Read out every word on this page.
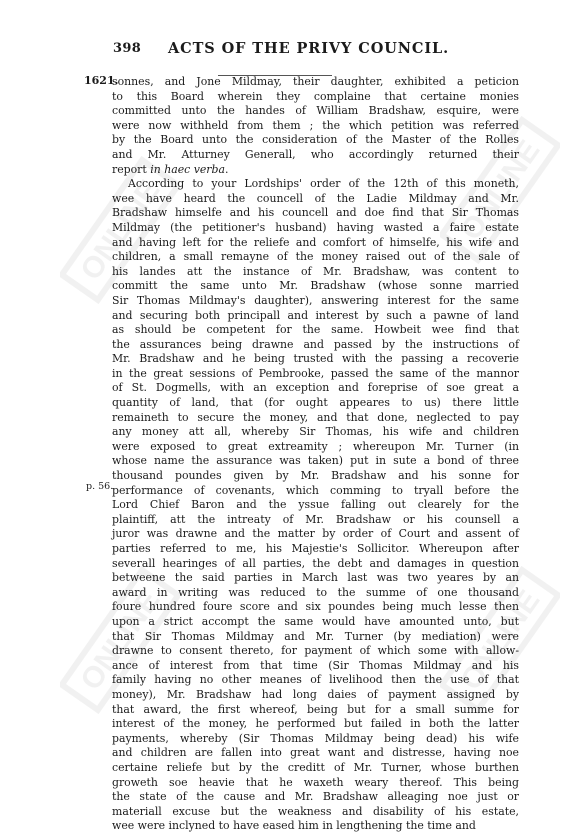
ONLINE
ONLINE
ONLINE	ONLINE
398 ACTS OF THE PRIVY COUNCIL.
1621.
p. 56.
sonnes, and Jone Mildmay, their daughter, exhibited a peticion
to this Board wherein they complaine that certaine monies
committed unto the handes of William Bradshaw, esquire, were
were now withheld from them ; the which petition was referred
by the Board unto the consideration of the Master of the Rolles
and Mr. Atturney Generall, who accordingly returned their
report in haec verba.
According to your Lordships' order of the 12th of this moneth,
wee have heard the councell of the Ladie Mildmay and Mr.
Bradshaw himselfe and his councell and doe find that Sir Thomas
Mildmay (the petitioner's husband) having wasted a faire estate
and having left for the reliefe and comfort of himselfe, his wife and
children, a small remayne of the money raised out of the sale of
his landes att the instance of Mr. Bradshaw, was content to
committ the same unto Mr. Bradshaw (whose sonne married
Sir Thomas Mildmay's daughter), answering interest for the same
and securing both principall and interest by such a pawne of land
as should be competent for the same. Howbeit wee find that
the assurances being drawne and passed by the instructions of
Mr. Bradshaw and he being trusted with the passing a recoverie
in the great sessions of Pembrooke, passed the same of the mannor
of St. Dogmells, with an exception and foreprise of soe great a
quantity of land, that (for ought appeares to us) there little
remaineth to secure the money, and that done, neglected to pay
any money att all, whereby Sir Thomas, his wife and children
were exposed to great extreamity ; whereupon Mr. Turner (in
whose name the assurance was taken) put in sute a bond of three
thousand poundes given by Mr. Bradshaw and his sonne for
performance of covenants, which comming to tryall before the
Lord Chief Baron and the yssue falling out clearely for the
plaintiff, att the intreaty of Mr. Bradshaw or his counsell a
juror was drawne and the matter by order of Court and assent of
parties referred to me, his Majestie's Sollicitor. Whereupon after
severall hearinges of all parties, the debt and damages in question
betweene the said parties in March last was two yeares by an
award in writing was reduced to the summe of one thousand
foure hundred foure score and six poundes being much lesse then
upon a strict accompt the same would have amounted unto, but
that Sir Thomas Mildmay and Mr. Turner (by mediation) were
drawne to consent thereto, for payment of which some with allow-
ance of interest from that time (Sir Thomas Mildmay and his
family having no other meanes of livelihood then the use of that
money), Mr. Bradshaw had long daies of payment assigned by
that award, the first whereof, being but for a small summe for
interest of the money, he performed but failed in both the latter
payments, whereby (Sir Thomas Mildmay being dead) his wife
and children are fallen into great want and distresse, having noe
certaine reliefe but by the creditt of Mr. Turner, whose burthen
groweth soe heavie that he waxeth weary thereof. This being
the state of the cause and Mr. Bradshaw alleaging noe just or
materiall excuse but the weakness and disability of his estate,
wee were inclyned to have eased him in lengthening the time and
